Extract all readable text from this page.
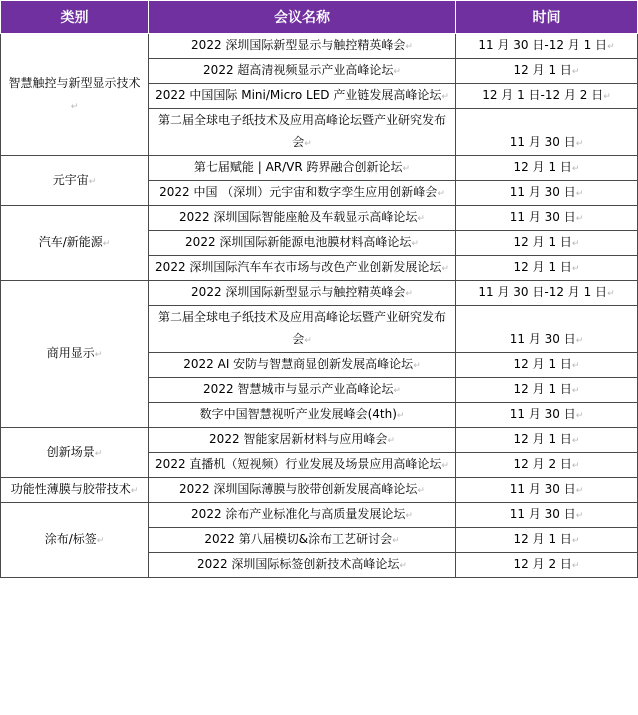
类别	会议名称	时间
智慧触控与新型显示技术↵	2022 深圳国际新型显示与触控精英峰会↵	11 月 30 日-12 月 1 日↵
	2022 超高清视频显示产业高峰论坛↵	12 月 1 日↵
	2022 中国国际 Mini/Micro LED 产业链发展高峰论坛↵	12 月 1 日-12 月 2 日↵
	第二届全球电子纸技术及应用高峰论坛暨产业研究发布会↵	11 月 30 日↵
元宇宙↵	第七届赋能 | AR/VR 跨界融合创新论坛↵	12 月 1 日↵
	2022 中国 （深圳）元宇宙和数字孪生应用创新峰会↵	11 月 30 日↵
汽车/新能源↵	2022 深圳国际智能座舱及车载显示高峰论坛↵	11 月 30 日↵
	2022 深圳国际新能源电池膜材料高峰论坛↵	12 月 1 日↵
	2022 深圳国际汽车车衣市场与改色产业创新发展论坛↵	12 月 1 日↵
商用显示↵	2022 深圳国际新型显示与触控精英峰会↵	11 月 30 日-12 月 1 日↵
	第二届全球电子纸技术及应用高峰论坛暨产业研究发布会↵	11 月 30 日↵
	2022 AI 安防与智慧商显创新发展高峰论坛↵	12 月 1 日↵
	2022 智慧城市与显示产业高峰论坛↵	12 月 1 日↵
	数字中国智慧视听产业发展峰会(4th)↵	11 月 30 日↵
创新场景↵	2022 智能家居新材料与应用峰会↵	12 月 1 日↵
	2022 直播机（短视频）行业发展及场景应用高峰论坛↵	12 月 2 日↵
功能性薄膜与胶带技术↵	2022 深圳国际薄膜与胶带创新发展高峰论坛↵	11 月 30 日↵
涂布/标签↵	2022 涂布产业标准化与高质量发展论坛↵	11 月 30 日↵
	2022 第八届模切&涂布工艺研讨会↵	12 月 1 日↵
	2022 深圳国际标签创新技术高峰论坛↵	12 月 2 日↵
